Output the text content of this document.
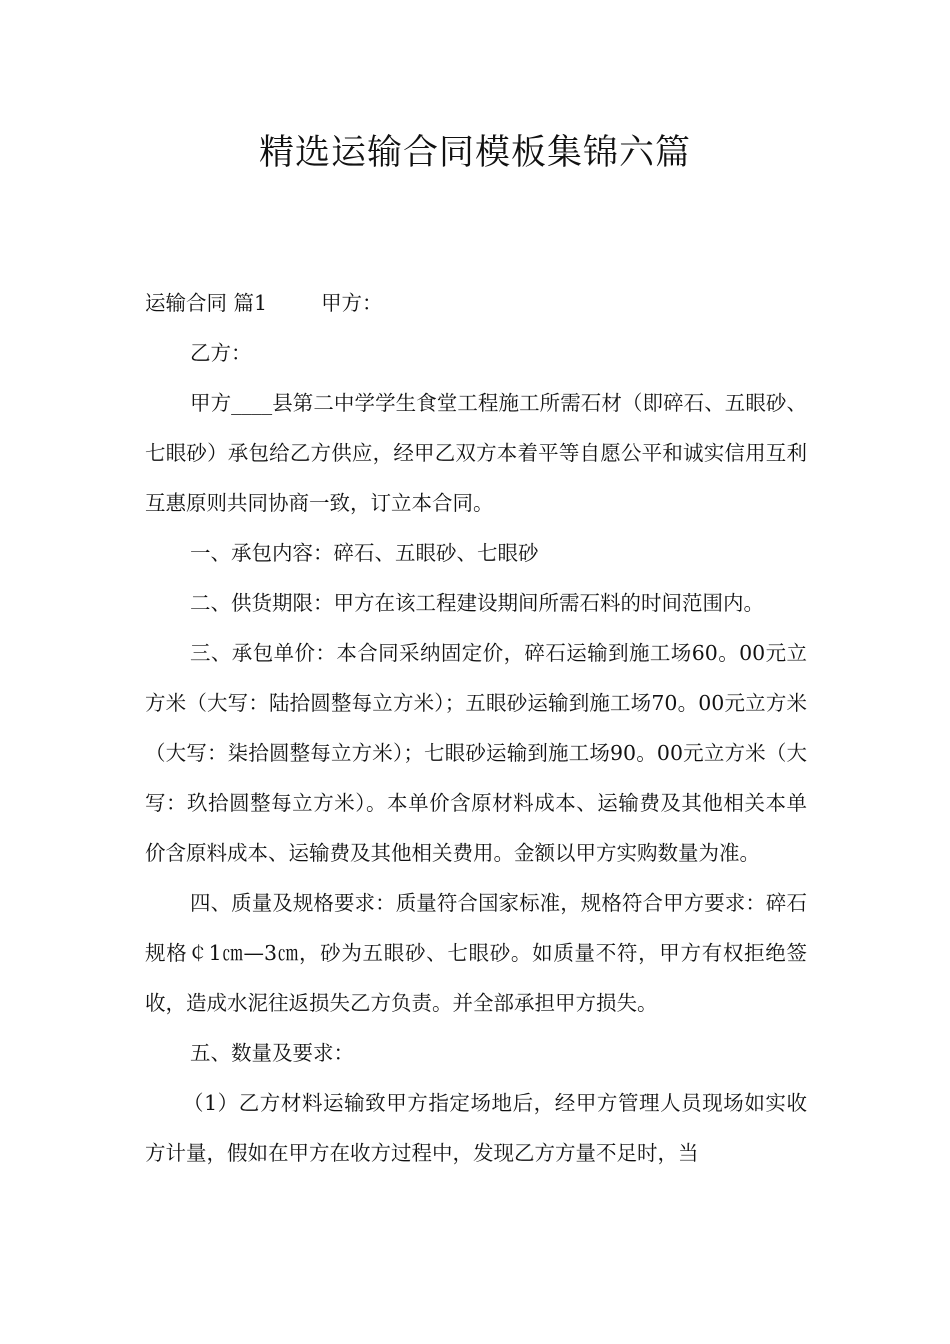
精选运输合同模板集锦六篇

运输合同 篇1	甲方：

乙方：

甲方____县第二中学学生食堂工程施工所需石材（即碎石、五眼砂、七眼砂）承包给乙方供应，经甲乙双方本着平等自愿公平和诚实信用互利互惠原则共同协商一致，订立本合同。

一、承包内容：碎石、五眼砂、七眼砂

二、供货期限：甲方在该工程建设期间所需石料的时间范围内。

三、承包单价：本合同采纳固定价，碎石运输到施工场60。00元立方米（大写：陆拾圆整每立方米）；五眼砂运输到施工场70。00元立方米（大写：柒拾圆整每立方米）；七眼砂运输到施工场90。00元立方米（大写：玖拾圆整每立方米）。本单价含原材料成本、运输费及其他相关本单价含原料成本、运输费及其他相关费用。金额以甲方实购数量为准。

四、质量及规格要求：质量符合国家标准，规格符合甲方要求：碎石规格￠1㎝—3㎝，砂为五眼砂、七眼砂。如质量不符，甲方有权拒绝签收，造成水泥往返损失乙方负责。并全部承担甲方损失。

五、数量及要求：

（1）乙方材料运输致甲方指定场地后，经甲方管理人员现场如实收方计量，假如在甲方在收方过程中，发现乙方方量不足时，当
